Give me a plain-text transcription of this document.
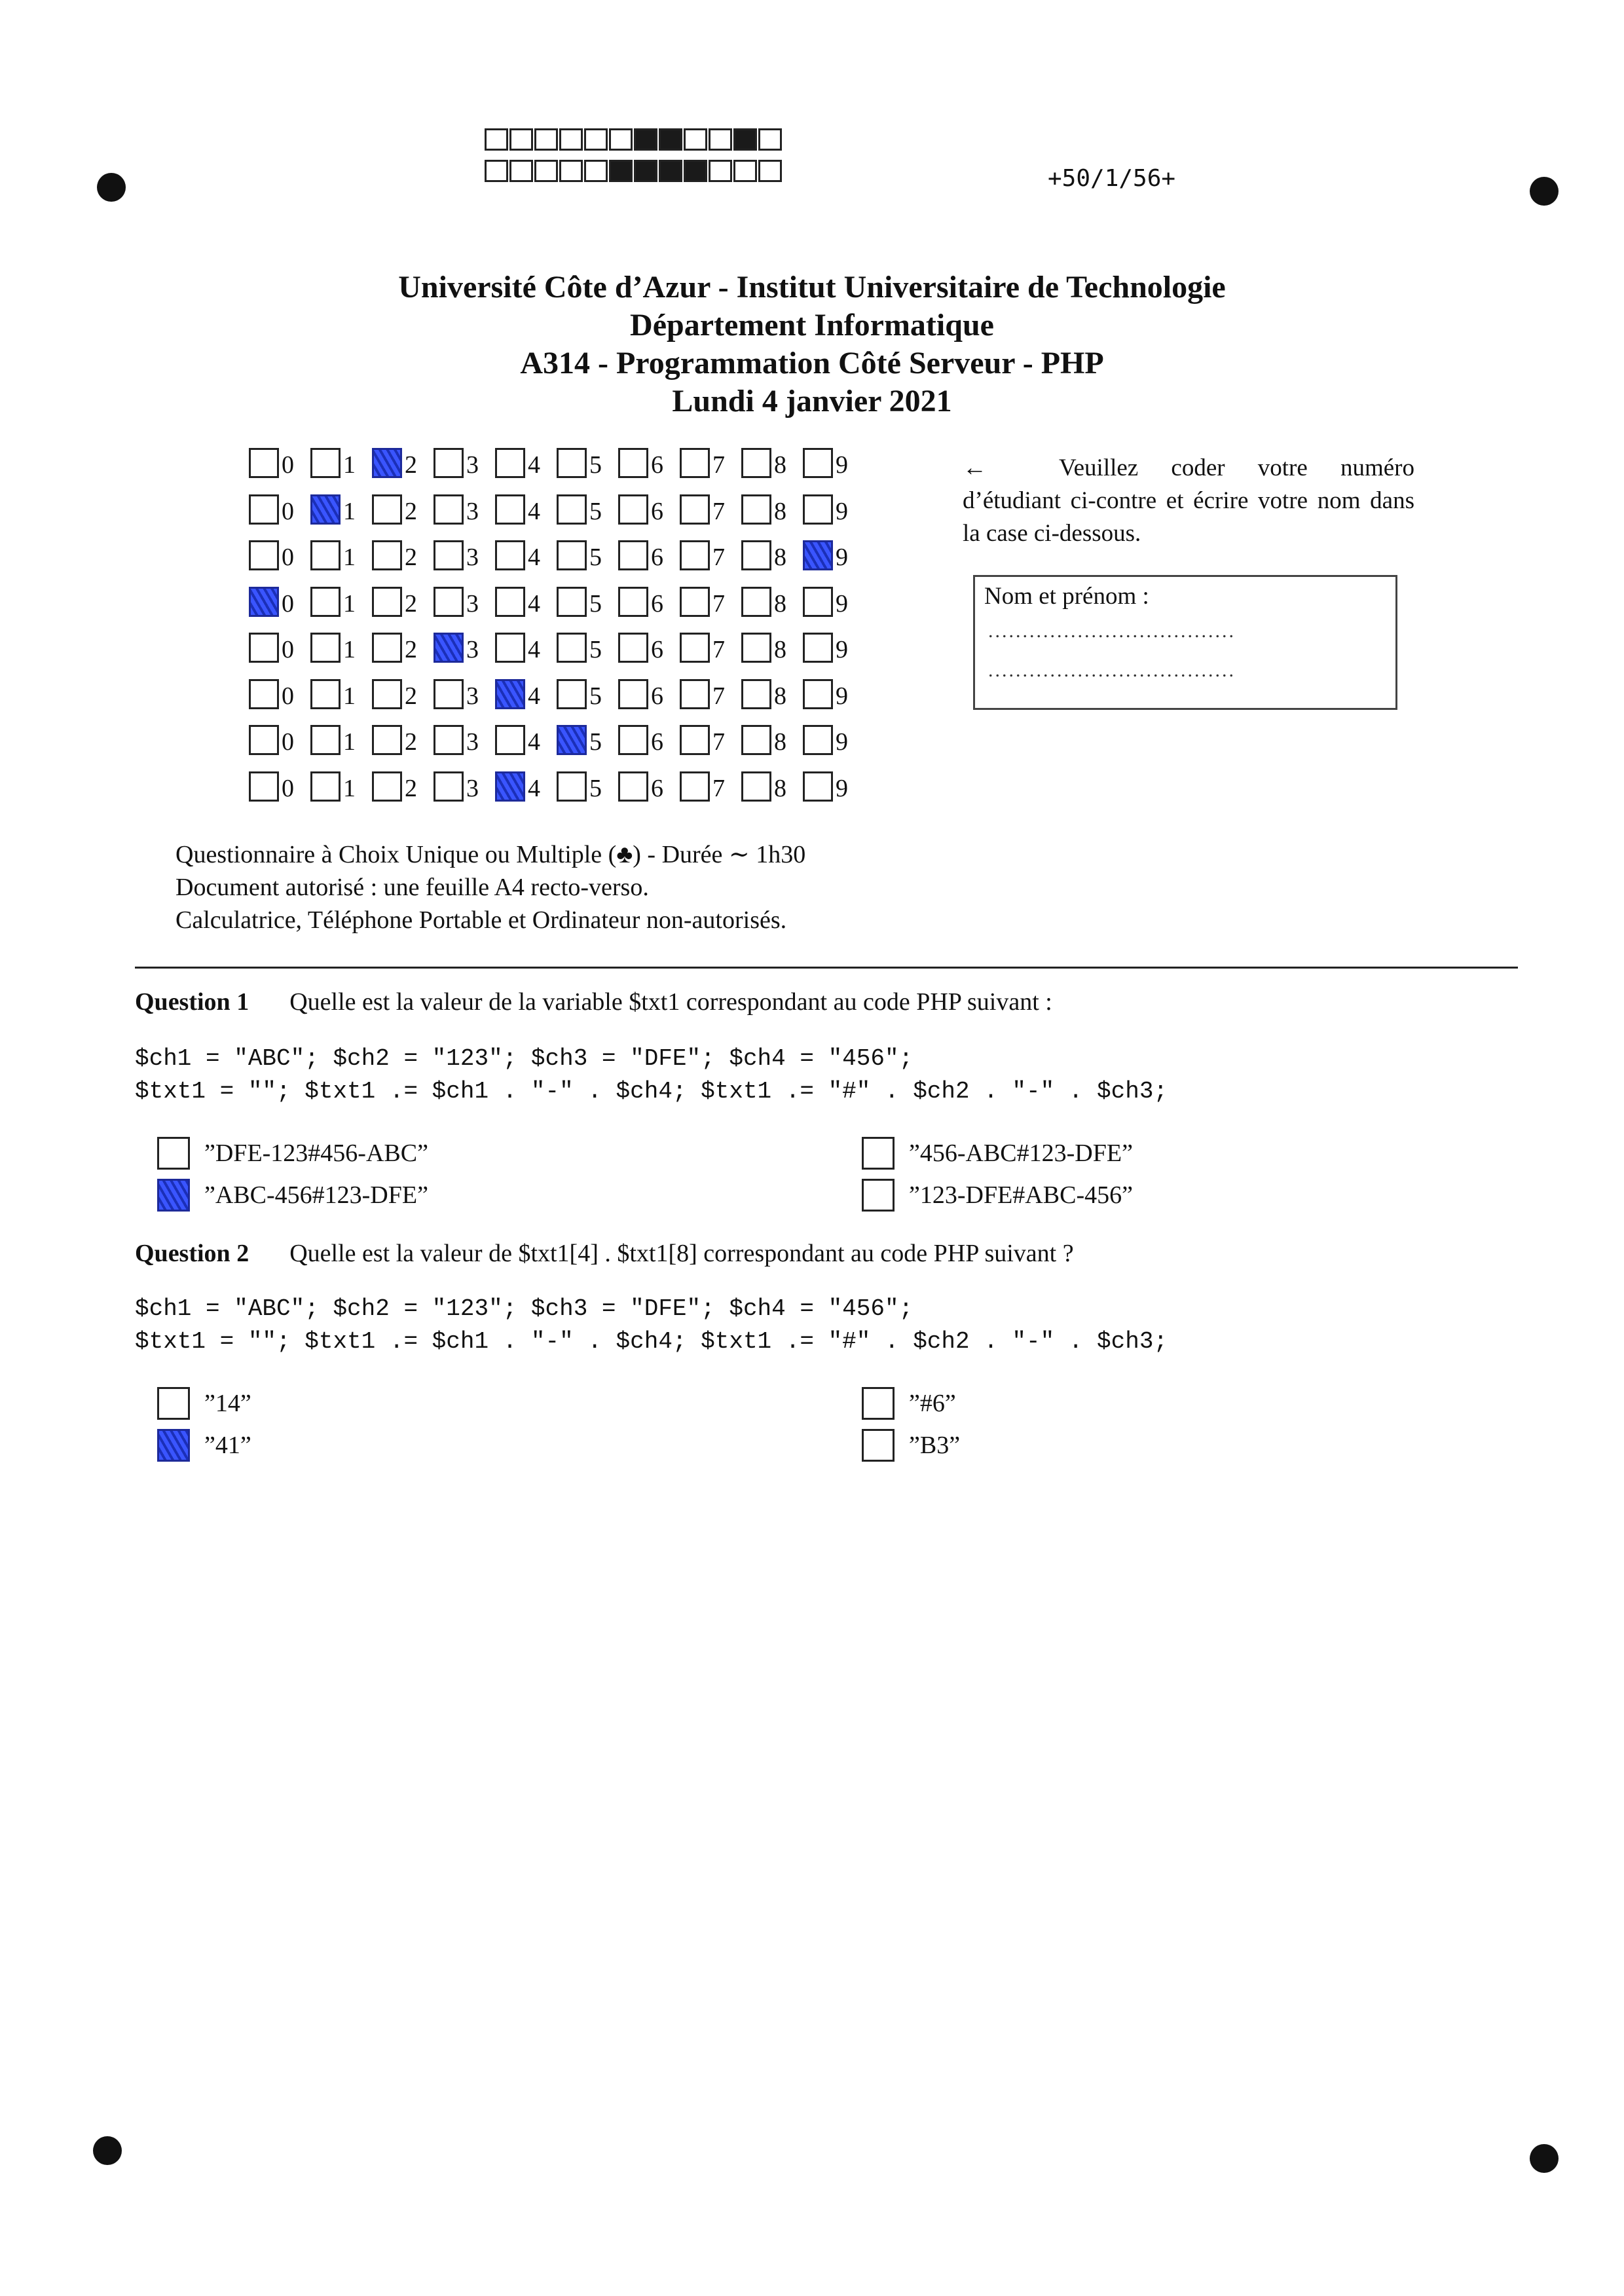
+50/1/56+
Université Côte d’Azur - Institut Universitaire de Technologie
Département Informatique
A314 - Programmation Côté Serveur - PHP
Lundi 4 janvier 2021
0 1 2 3 4 5 6 7 8 9
0 1 2 3 4 5 6 7 8 9
0 1 2 3 4 5 6 7 8 9
0 1 2 3 4 5 6 7 8 9
0 1 2 3 4 5 6 7 8 9
0 1 2 3 4 5 6 7 8 9
0 1 2 3 4 5 6 7 8 9
0 1 2 3 4 5 6 7 8 9
←	Veuillez coder votre numéro d’étudiant ci-contre et écrire votre nom dans la case ci-dessous.
Nom et prénom :
....................................
....................................
Questionnaire à Choix Unique ou Multiple (♣) - Durée ∼ 1h30
Document autorisé : une feuille A4 recto-verso.
Calculatrice, Téléphone Portable et Ordinateur non-autorisés.
Question 1 Quelle est la valeur de la variable $txt1 correspondant au code PHP suivant :
$ch1 = "ABC"; $ch2 = "123"; $ch3 = "DFE"; $ch4 = "456";
$txt1 = ""; $txt1 .= $ch1 . "-" . $ch4; $txt1 .= "#" . $ch2 . "-" . $ch3;
”DFE-123#456-ABC”
”ABC-456#123-DFE”
”456-ABC#123-DFE”
”123-DFE#ABC-456”
Question 2 Quelle est la valeur de $txt1[4] . $txt1[8] correspondant au code PHP suivant ?
$ch1 = "ABC"; $ch2 = "123"; $ch3 = "DFE"; $ch4 = "456";
$txt1 = ""; $txt1 .= $ch1 . "-" . $ch4; $txt1 .= "#" . $ch2 . "-" . $ch3;
”14”
”41”
”#6”
”B3”
